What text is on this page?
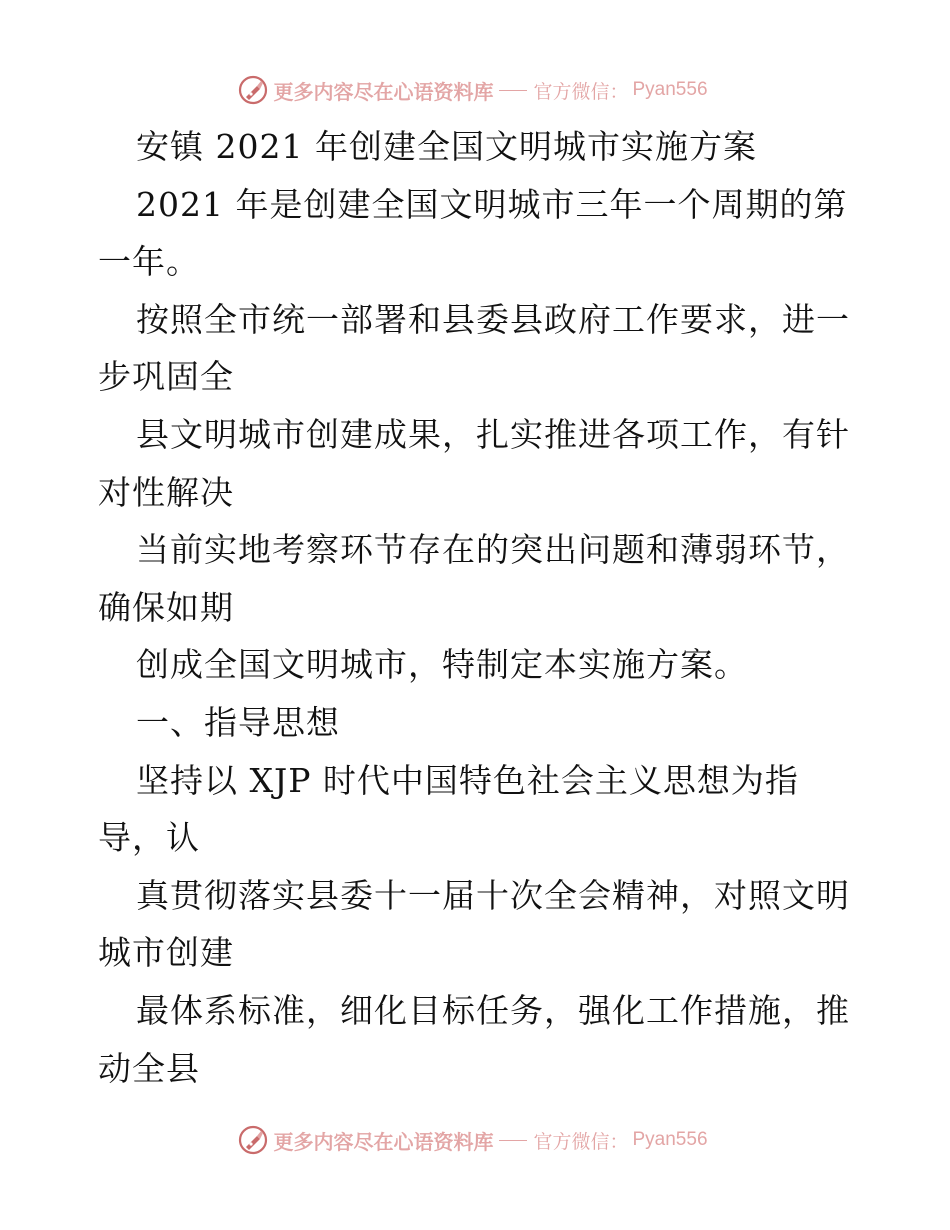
更多内容尽在心语资料库 官方微信： Pyan556
安镇 2021 年创建全国文明城市实施方案
2021 年是创建全国文明城市三年一个周期的第
一年。
按照全市统一部署和县委县政府工作要求，进一
步巩固全
县文明城市创建成果，扎实推进各项工作，有针
对性解决
当前实地考察环节存在的突出问题和薄弱环节，
确保如期
创成全国文明城市，特制定本实施方案。
一、指导思想
坚持以 XJP 时代中国特色社会主义思想为指
导，认
真贯彻落实县委十一届十次全会精神，对照文明
城市创建
最体系标准，细化目标任务，强化工作措施，推
动全县
更多内容尽在心语资料库 官方微信： Pyan556
